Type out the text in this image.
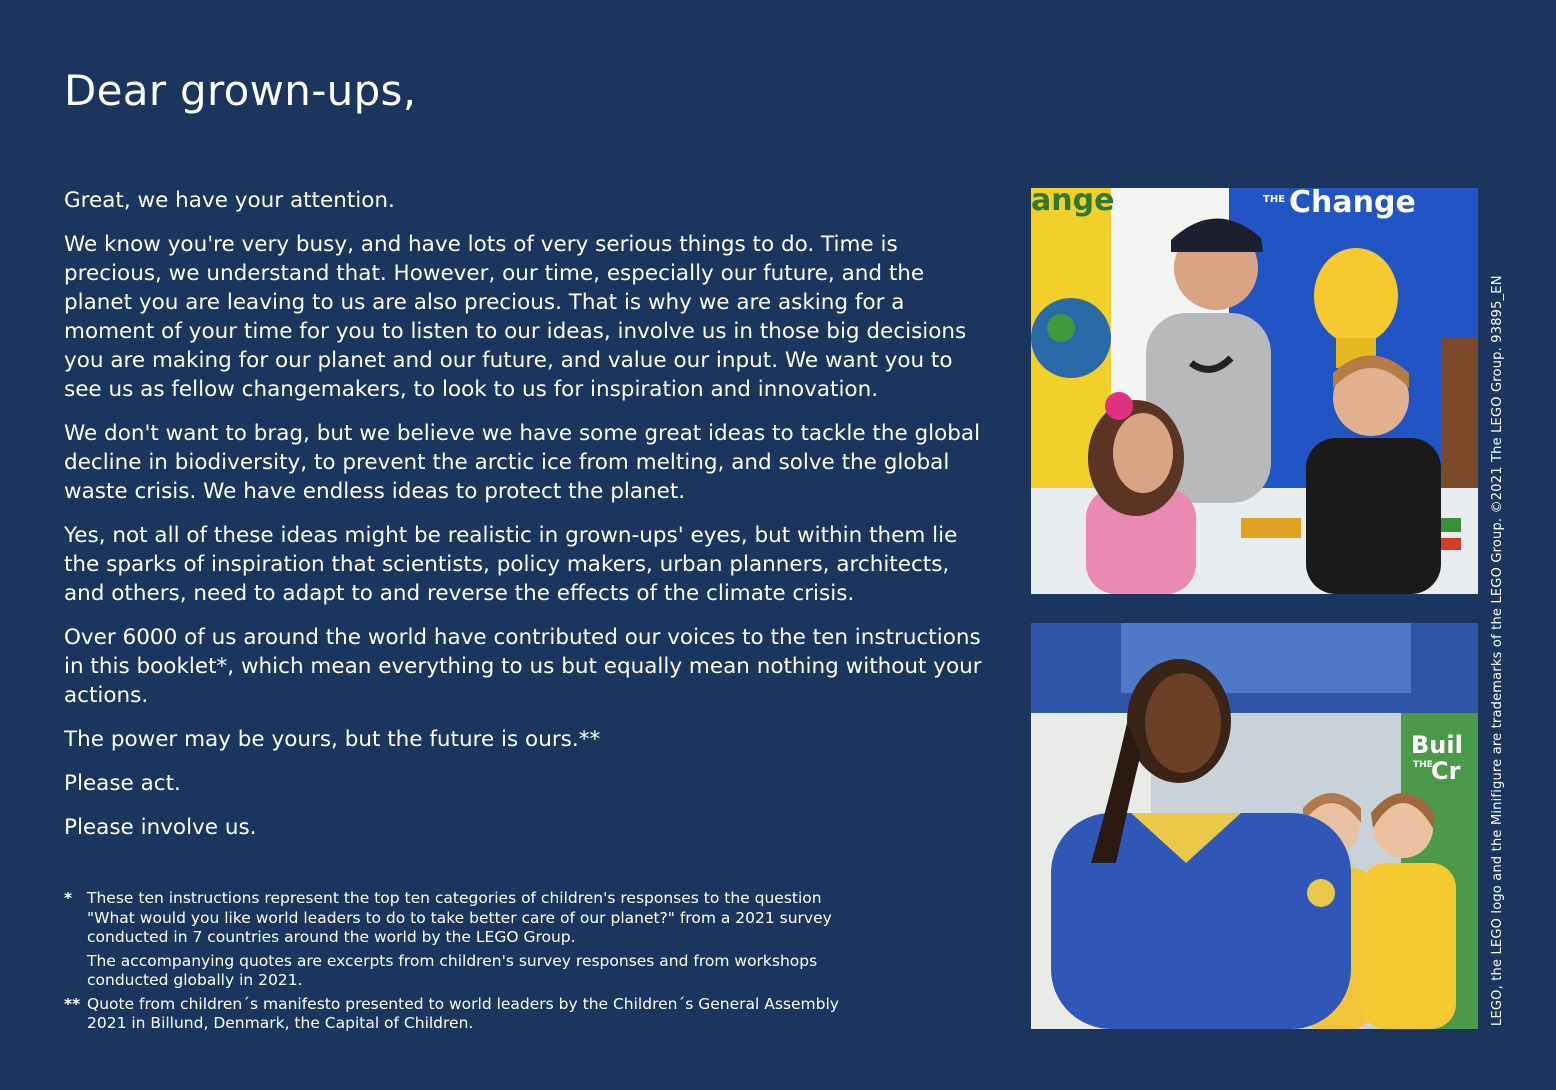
Dear grown-ups,

Great, we have your attention.

We know you're very busy, and have lots of very serious things to do. Time is precious, we understand that. However, our time, especially our future, and the planet you are leaving to us are also precious. That is why we are asking for a moment of your time for you to listen to our ideas, involve us in those big decisions you are making for our planet and our future, and value our input. We want you to see us as fellow changemakers, to look to us for inspiration and innovation.

We don't want to brag, but we believe we have some great ideas to tackle the global decline in biodiversity, to prevent the arctic ice from melting, and solve the global waste crisis. We have endless ideas to protect the planet.

Yes, not all of these ideas might be realistic in grown-ups' eyes, but within them lie the sparks of inspiration that scientists, policy makers, urban planners, architects, and others, need to adapt to and reverse the effects of the climate crisis.

Over 6000 of us around the world have contributed our voices to the ten instructions in this booklet*, which mean everything to us but equally mean nothing without your actions.

The power may be yours, but the future is ours.**

Please act.

Please involve us.

* These ten instructions represent the top ten categories of children's responses to the question "What would you like world leaders to do to take better care of our planet?" from a 2021 survey conducted in 7 countries around the world by the LEGO Group.
The accompanying quotes are excerpts from children's survey responses and from workshops conducted globally in 2021.
** Quote from children´s manifesto presented to world leaders by the Children´s General Assembly 2021 in Billund, Denmark, the Capital of Children.
ange	THE Change
Buil
THE
Cr LEGO, the LEGO logo and the Minifigure are trademarks of the LEGO Group. ©2021 The LEGO Group. 93895_EN
